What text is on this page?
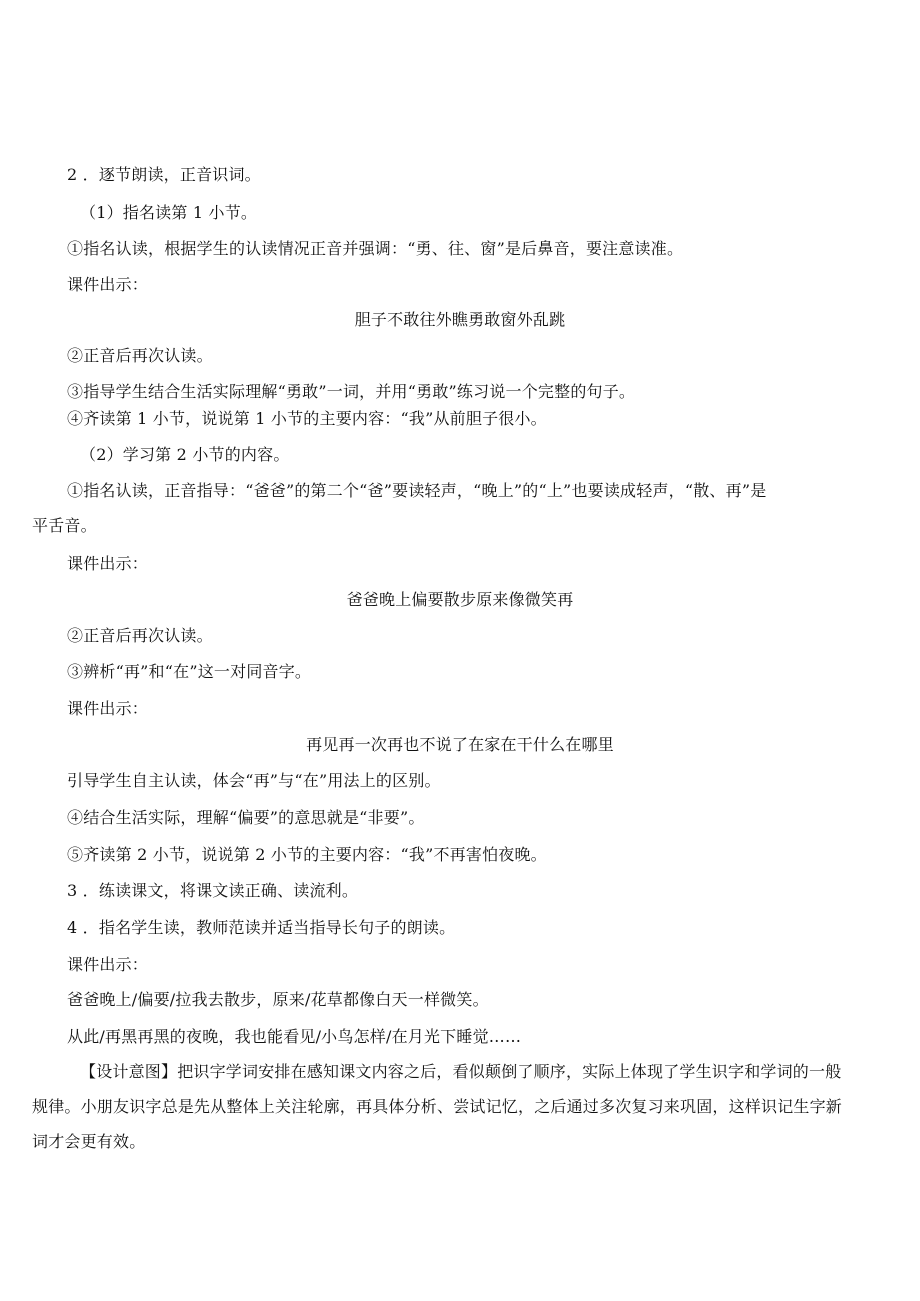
2 ．逐节朗读，正音识词。
（1）指名读第 1 小节。
①指名认读，根据学生的认读情况正音并强调：“勇、往、窗”是后鼻音，要注意读准。
课件出示：
胆子不敢往外瞧勇敢窗外乱跳
②正音后再次认读。
③指导学生结合生活实际理解“勇敢”一词，并用“勇敢”练习说一个完整的句子。
④齐读第 1 小节，说说第 1 小节的主要内容：“我”从前胆子很小。
（2）学习第 2 小节的内容。
①指名认读，正音指导：“爸爸”的第二个“爸”要读轻声，“晚上”的“上”也要读成轻声，“散、再”是
平舌音。
课件出示：
爸爸晚上偏要散步原来像微笑再
②正音后再次认读。
③辨析“再”和“在”这一对同音字。
课件出示：
再见再一次再也不说了在家在干什么在哪里
引导学生自主认读，体会“再”与“在”用法上的区别。
④结合生活实际，理解“偏要”的意思就是“非要”。
⑤齐读第 2 小节，说说第 2 小节的主要内容：“我”不再害怕夜晚。
3 ．练读课文，将课文读正确、读流利。
4 ．指名学生读，教师范读并适当指导长句子的朗读。
课件出示：
爸爸晚上/偏要/拉我去散步，原来/花草都像白天一样微笑。
从此/再黑再黑的夜晚，我也能看见/小鸟怎样/在月光下睡觉……
【设计意图】把识字学词安排在感知课文内容之后，看似颠倒了顺序，实际上体现了学生识字和学词的一般
规律。小朋友识字总是先从整体上关注轮廓，再具体分析、尝试记忆，之后通过多次复习来巩固，这样识记生字新
词才会更有效。
